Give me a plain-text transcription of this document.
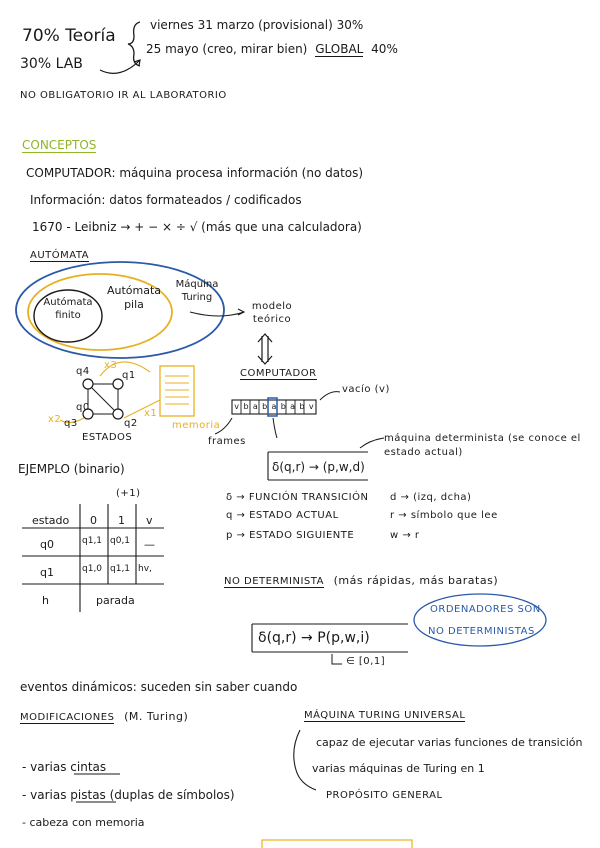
70% Teoría
30% LAB
viernes 31 marzo (provisional) 30%
25 mayo (creo, mirar bien) GLOBAL 40%
NO OBLIGATORIO IR AL LABORATORIO
CONCEPTOS
COMPUTADOR: máquina procesa información (no datos)
Información: datos formateados / codificados
1670 - Leibniz → + − × ÷ √ (más que una calculadora)
AUTÓMATA
Autómata finito
Autómata pila
Máquina Turing
modelo teórico
COMPUTADOR
vacío (v)
frames
ESTADOS
memoria
q4	q1
q3	q2
q0
x2
x3
x1
v b a b a b a b v
EJEMPLO (binario)
(+1)
estado 0 1 v
q0	q1,1 q0,1 —
q1	q1,0 q1,1 hv,
h	parada
δ(q,r) → (p,w,d)
máquina determinista (se conoce el estado actual)
δ → FUNCIÓN TRANSICIÓN
q → ESTADO ACTUAL
p → ESTADO SIGUIENTE
d → (izq, dcha)
r → símbolo que lee
w → r
NO DETERMINISTA (más rápidas, más baratas)
δ(q,r) → P(p,w,i)
∈ [0,1]
ORDENADORES SON
NO DETERMINISTAS
eventos dinámicos: suceden sin saber cuando
MODIFICACIONES (M. Turing)
- varias cintas
- varias pistas (duplas de símbolos)
- cabeza con memoria
MÁQUINA TURING UNIVERSAL
capaz de ejecutar varias funciones de transición
varias máquinas de Turing en 1
PROPÓSITO GENERAL
